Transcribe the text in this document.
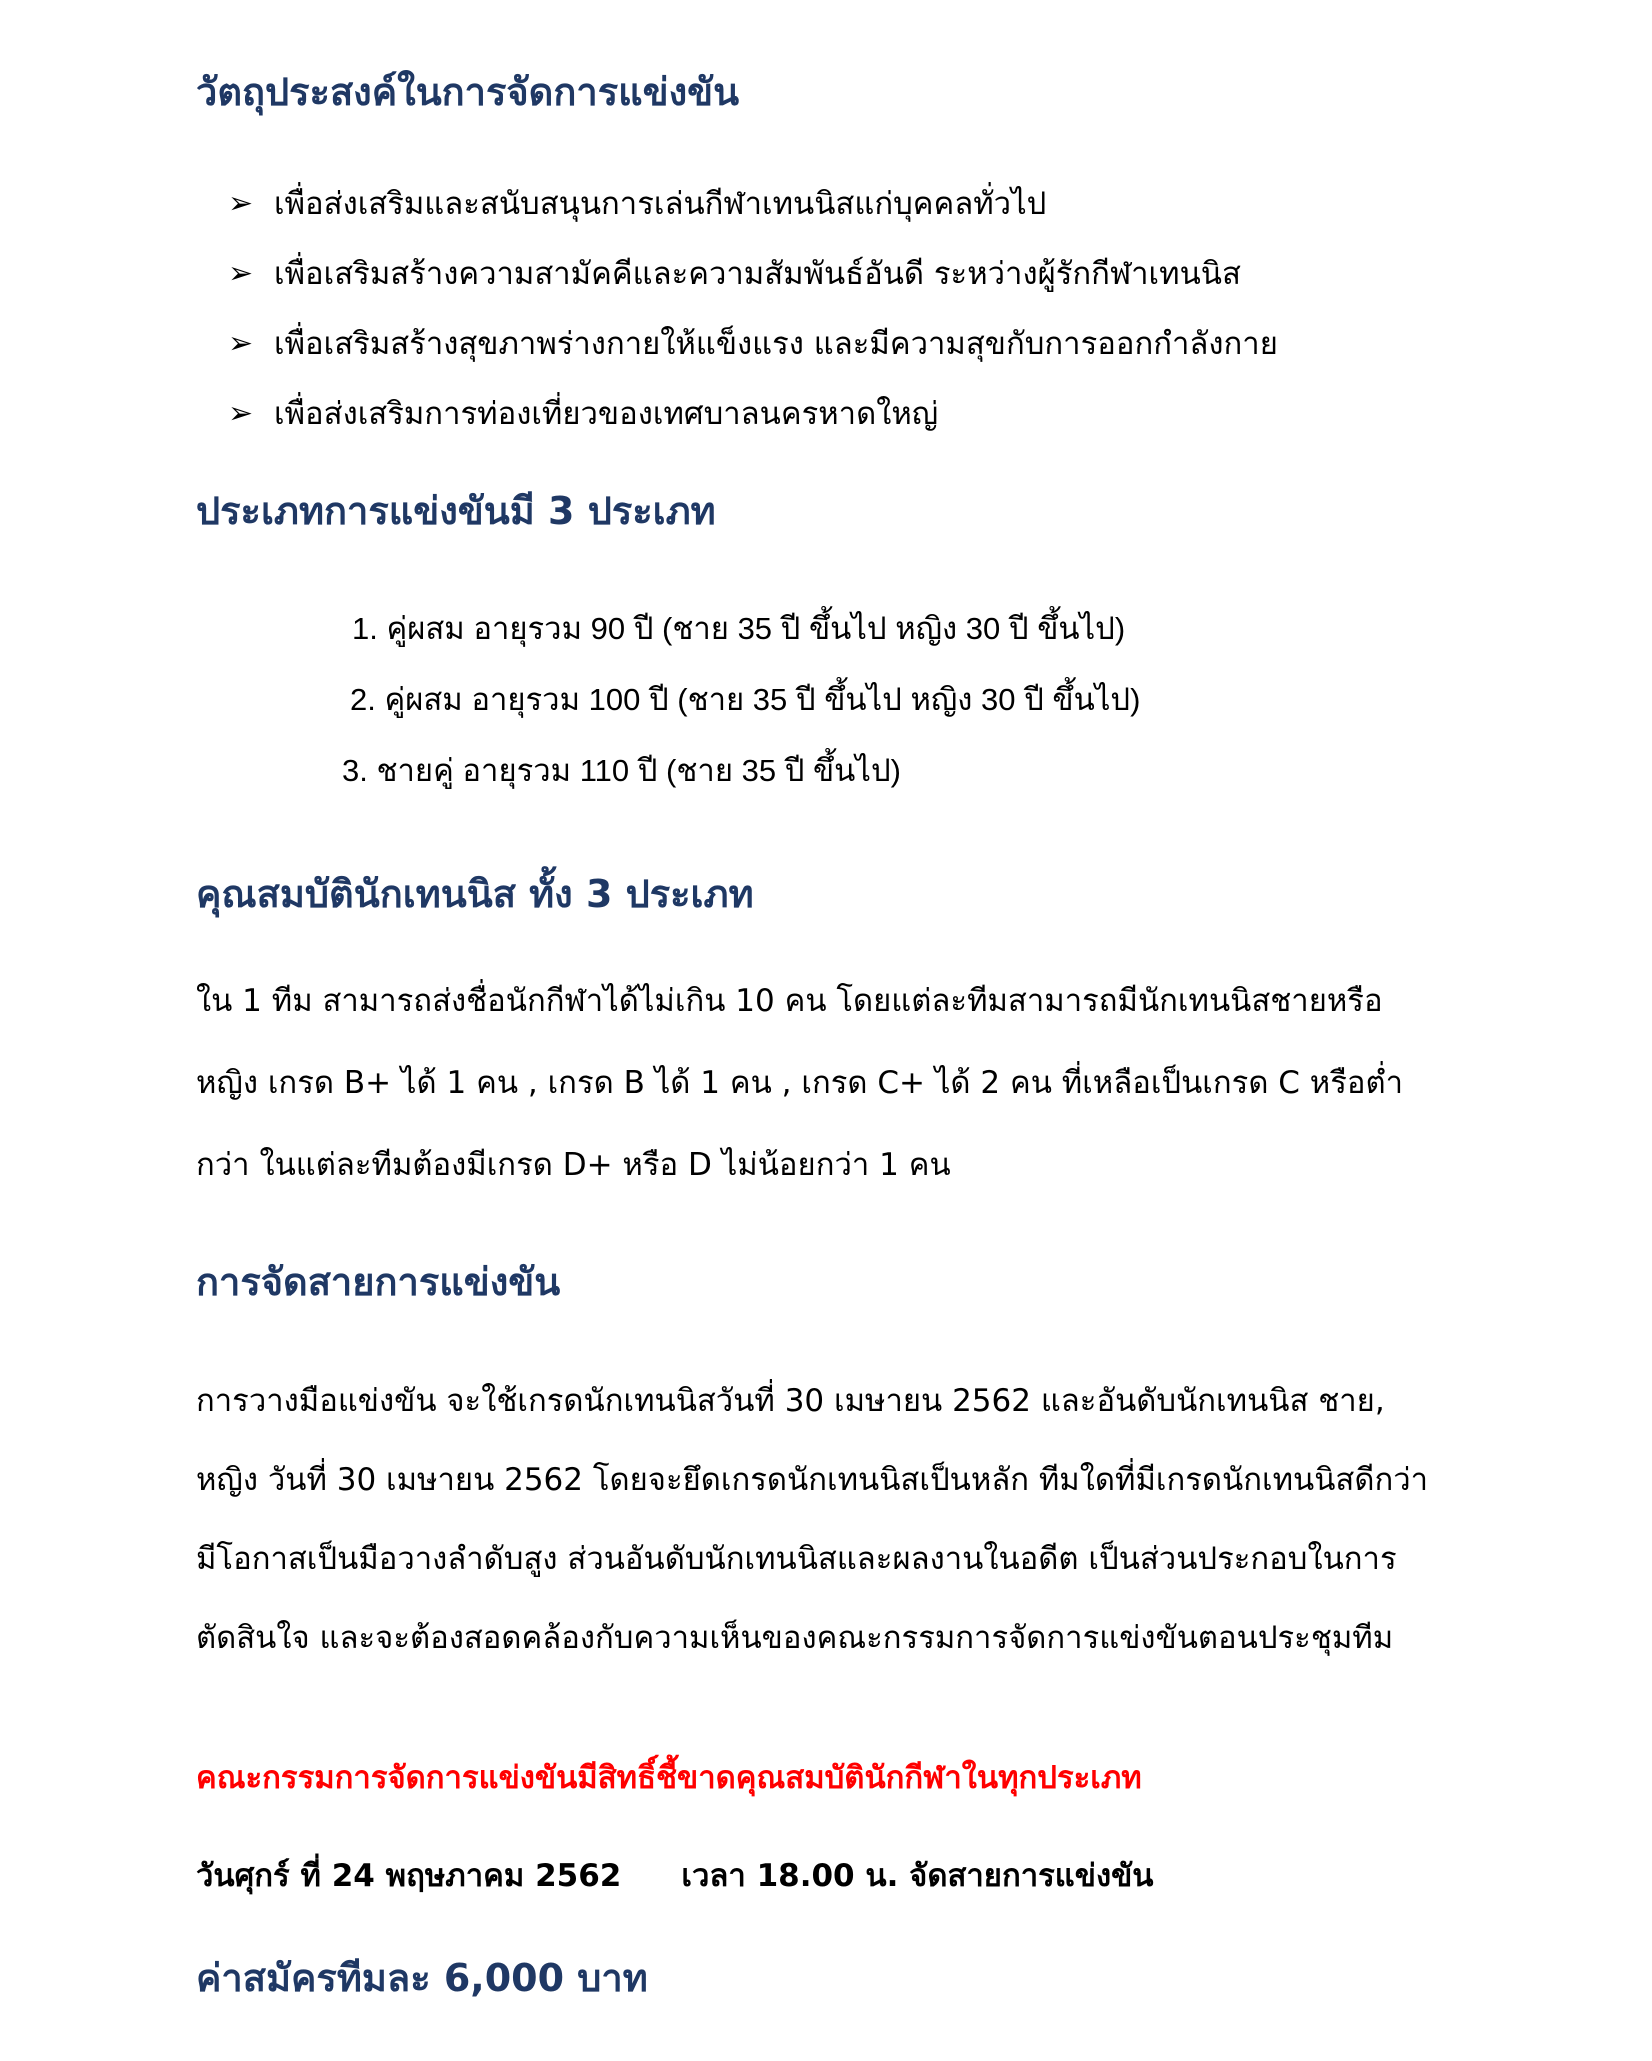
วัตถุประสงค์ในการจัดการแข่งขัน
➢ เพื่อส่งเสริมและสนับสนุนการเล่นกีฬาเทนนิสแก่บุคคลทั่วไป
➢ เพื่อเสริมสร้างความสามัคคีและความสัมพันธ์อันดี ระหว่างผู้รักกีฬาเทนนิส
➢ เพื่อเสริมสร้างสุขภาพร่างกายให้แข็งแรง และมีความสุขกับการออกกำลังกาย
➢ เพื่อส่งเสริมการท่องเที่ยวของเทศบาลนครหาดใหญ่
ประเภทการแข่งขันมี 3 ประเภท
1. คู่ผสม อายุรวม 90 ปี (ชาย 35 ปี ขึ้นไป หญิง 30 ปี ขึ้นไป)
2. คู่ผสม อายุรวม 100 ปี (ชาย 35 ปี ขึ้นไป หญิง 30 ปี ขึ้นไป)
3. ชายคู่ อายุรวม 110 ปี (ชาย 35 ปี ขึ้นไป)
คุณสมบัตินักเทนนิส ทั้ง 3 ประเภท

ใน 1 ทีม สามารถส่งชื่อนักกีฬาได้ไม่เกิน 10 คน โดยแต่ละทีมสามารถมีนักเทนนิสชายหรือ
หญิง เกรด B+ ได้ 1 คน , เกรด B ได้ 1 คน , เกรด C+ ได้ 2 คน ที่เหลือเป็นเกรด C หรือต่ำ
กว่า ในแต่ละทีมต้องมีเกรด D+ หรือ D ไม่น้อยกว่า 1 คน

การจัดสายการแข่งขัน

การวางมือแข่งขัน จะใช้เกรดนักเทนนิสวันที่ 30 เมษายน 2562 และอันดับนักเทนนิส ชาย,
หญิง วันที่ 30 เมษายน 2562 โดยจะยึดเกรดนักเทนนิสเป็นหลัก ทีมใดที่มีเกรดนักเทนนิสดีกว่า
มีโอกาสเป็นมือวางลำดับสูง ส่วนอันดับนักเทนนิสและผลงานในอดีต เป็นส่วนประกอบในการ
ตัดสินใจ และจะต้องสอดคล้องกับความเห็นของคณะกรรมการจัดการแข่งขันตอนประชุมทีม

คณะกรรมการจัดการแข่งขันมีสิทธิ์ชี้ขาดคุณสมบัตินักกีฬาในทุกประเภท

วันศุกร์ ที่ 24 พฤษภาคม 2562 เวลา 18.00 น. จัดสายการแข่งขัน

ค่าสมัครทีมละ 6,000 บาท
